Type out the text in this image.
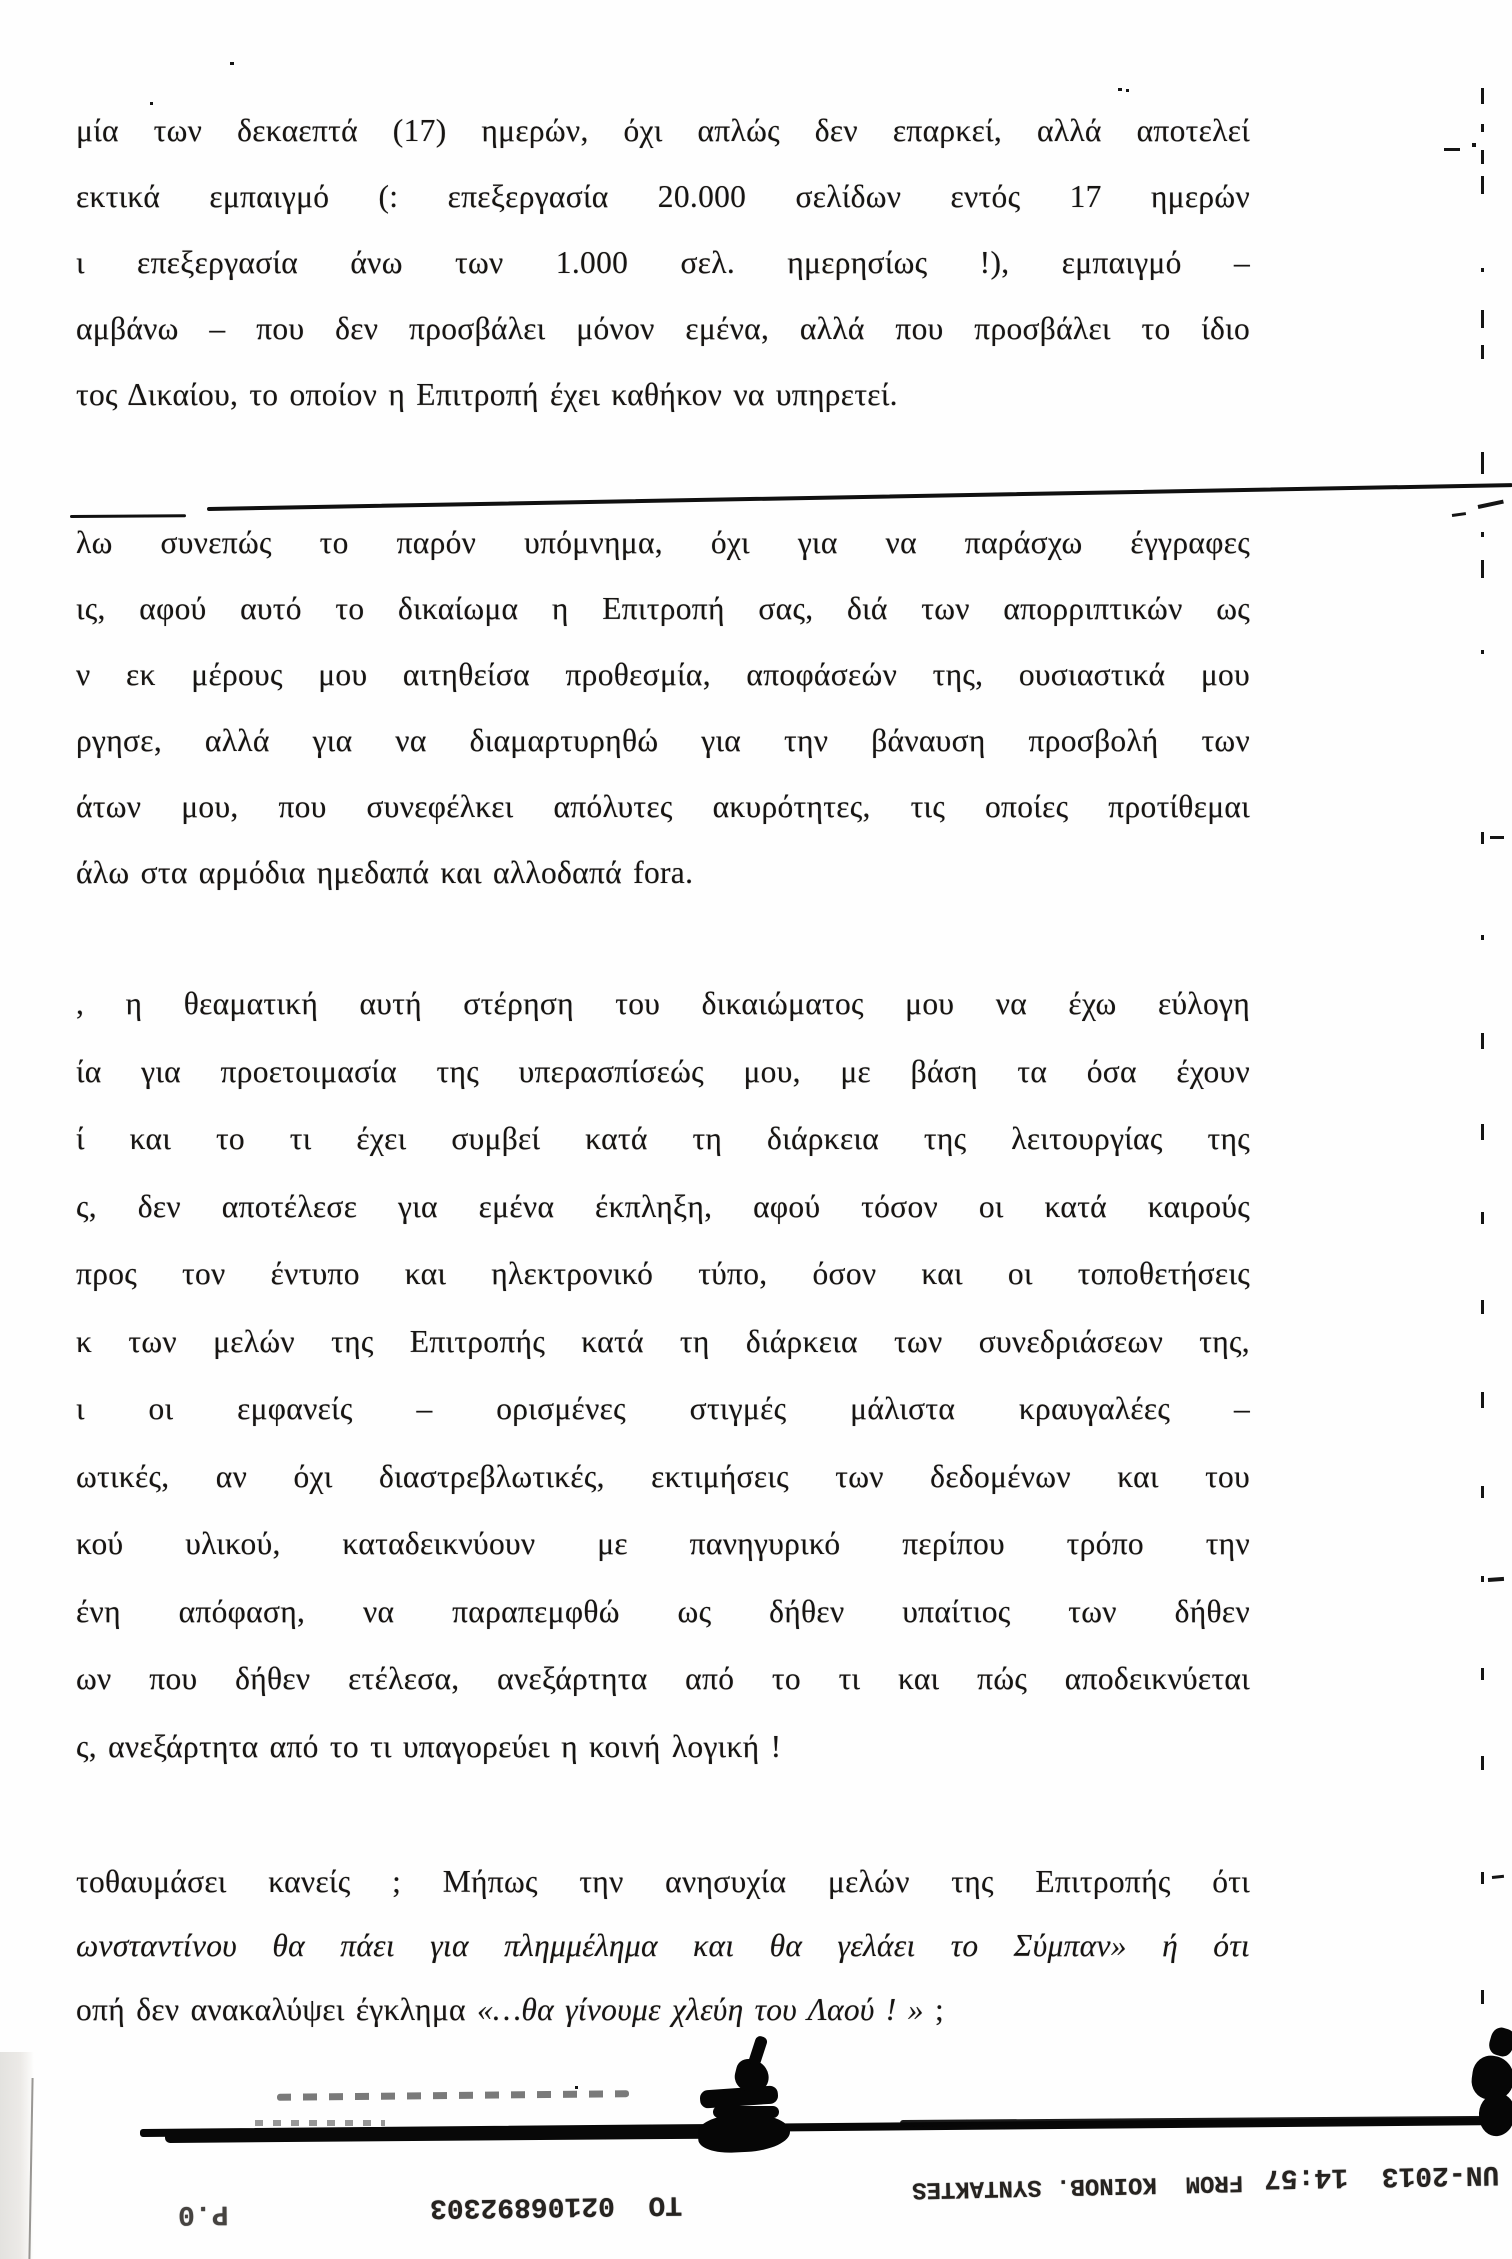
μία των δεκαεπτά (17) ημερών, όχι απλώς δεν επαρκεί, αλλά αποτελεί
εκτικά εμπαιγμό (: επεξεργασία 20.000 σελίδων εντός 17 ημερών
ι επεξεργασία άνω των 1.000 σελ. ημερησίως !), εμπαιγμό –
αμβάνω – που δεν προσβάλει μόνον εμένα, αλλά που προσβάλει το ίδιο
τος Δικαίου, το οποίον η Επιτροπή έχει καθήκον να υπηρετεί.
λω συνεπώς το παρόν υπόμνημα, όχι για να παράσχω έγγραφες
ις, αφού αυτό το δικαίωμα η Επιτροπή σας, διά των απορριπτικών ως
ν εκ μέρους μου αιτηθείσα προθεσμία, αποφάσεών της, ουσιαστικά μου
ργησε, αλλά για να διαμαρτυρηθώ για την βάναυση προσβολή των
άτων μου, που συνεφέλκει απόλυτες ακυρότητες, τις οποίες προτίθεμαι
άλω στα αρμόδια ημεδαπά και αλλοδαπά fora.
, η θεαματική αυτή στέρηση του δικαιώματος μου να έχω εύλογη
ία για προετοιμασία της υπερασπίσεώς μου, με βάση τα όσα έχουν
ί και το τι έχει συμβεί κατά τη διάρκεια της λειτουργίας της
ς, δεν αποτέλεσε για εμένα έκπληξη, αφού τόσον οι κατά καιρούς
προς τον έντυπο και ηλεκτρονικό τύπο, όσον και οι τοποθετήσεις
κ των μελών της Επιτροπής κατά τη διάρκεια των συνεδριάσεων της,
ι οι εμφανείς – ορισμένες στιγμές μάλιστα κραυγαλέες –
ωτικές, αν όχι διαστρεβλωτικές, εκτιμήσεις των δεδομένων και του
κού υλικού, καταδεικνύουν με πανηγυρικό περίπου τρόπο την
ένη απόφαση, να παραπεμφθώ ως δήθεν υπαίτιος των δήθεν
ων που δήθεν ετέλεσα, ανεξάρτητα από το τι και πώς αποδεικνύεται
ς, ανεξάρτητα από το τι υπαγορεύει η κοινή λογική !
τοθαυμάσει κανείς ; Μήπως την ανησυχία μελών της Επιτροπής ότι
ωνσταντίνου θα πάει για πλημμέλημα και θα γελάει το Σύμπαν» ή ότι
οπή δεν ανακαλύψει έγκλημα «…θα γίνουμε χλεύη του Λαού ! » ;
UN-2013  14:57
FROM  KOINOB. SYNTAKTES
TO  02106892303
P.0
